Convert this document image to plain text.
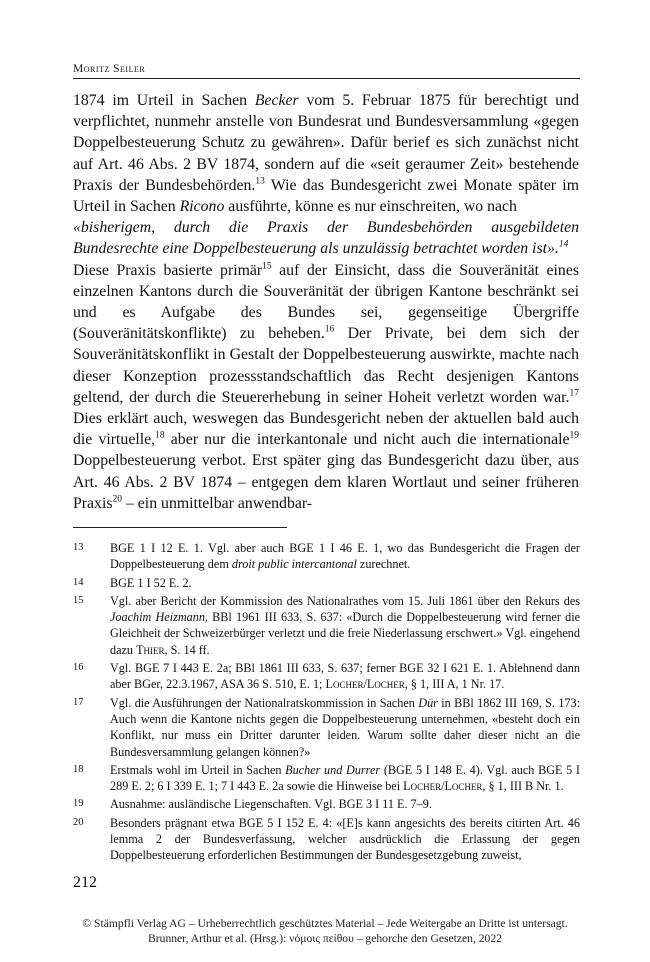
Moritz Seiler

1874 im Urteil in Sachen Becker vom 5. Februar 1875 für berechtigt und verpflichtet, nunmehr anstelle von Bundesrat und Bundesversammlung «gegen Doppelbesteuerung Schutz zu gewähren». Dafür berief es sich zunächst nicht auf Art. 46 Abs. 2 BV 1874, sondern auf die «seit geraumer Zeit» bestehende Praxis der Bundesbehörden.$^{13}$ Wie das Bundesgericht zwei Monate später im Urteil in Sachen Ricono ausführte, könne es nur einschreiten, wo nach

«bisherigem, durch die Praxis der Bundesbehörden ausgebildeten Bundesrechte eine Doppelbesteuerung als unzulässig betrachtet worden ist».$^{14}$

Diese Praxis basierte primär$^{15}$ auf der Einsicht, dass die Souveränität eines einzelnen Kantons durch die Souveränität der übrigen Kantone beschränkt sei und es Aufgabe des Bundes sei, gegenseitige Übergriffe (Souveränitätskonflikte) zu beheben.$^{16}$ Der Private, bei dem sich der Souveränitätskonflikt in Gestalt der Doppelbesteuerung auswirkte, machte nach dieser Konzeption prozessstandschaftlich das Recht desjenigen Kantons geltend, der durch die Steuererhebung in seiner Hoheit verletzt worden war.$^{17}$ Dies erklärt auch, weswegen das Bundesgericht neben der aktuellen bald auch die virtuelle,$^{18}$ aber nur die interkantonale und nicht auch die internationale$^{19}$ Doppelbesteuerung verbot. Erst später ging das Bundesgericht dazu über, aus Art. 46 Abs. 2 BV 1874 – entgegen dem klaren Wortlaut und seiner früheren Praxis$^{20}$ – ein unmittelbar anwendbar-

13	BGE 1 I 12 E. 1. Vgl. aber auch BGE 1 I 46 E. 1, wo das Bundesgericht die Fragen der Doppelbesteuerung dem droit public intercantonal zurechnet.
14	BGE 1 I 52 E. 2.
15	Vgl. aber Bericht der Kommission des Nationalrathes vom 15. Juli 1861 über den Rekurs des Joachim Heizmann, BBl 1961 III 633, S. 637: «Durch die Doppelbesteuerung wird ferner die Gleichheit der Schweizerbürger verletzt und die freie Niederlassung erschwert.» Vgl. eingehend dazu Thier, S. 14 ff.
16	Vgl. BGE 7 I 443 E. 2a; BBl 1861 III 633, S. 637; ferner BGE 32 I 621 E. 1. Ablehnend dann aber BGer, 22.3.1967, ASA 36 S. 510, E. 1; Locher/Locher, § 1, III A, 1 Nr. 17.
17	Vgl. die Ausführungen der Nationalratskommission in Sachen Dür in BBl 1862 III 169, S. 173: Auch wenn die Kantone nichts gegen die Doppelbesteuerung unternehmen, «besteht doch ein Konflikt, nur muss ein Dritter darunter leiden. Warum sollte daher dieser nicht an die Bundesversammlung gelangen können?»
18	Erstmals wohl im Urteil in Sachen Bucher und Durrer (BGE 5 I 148 E. 4). Vgl. auch BGE 5 I 289 E. 2; 6 I 339 E. 1; 7 I 443 E. 2a sowie die Hinweise bei Locher/Locher, § 1, III B Nr. 1.
19	Ausnahme: ausländische Liegenschaften. Vgl. BGE 3 I 11 E. 7–9.
20	Besonders prägnant etwa BGE 5 I 152 E. 4: «[E]s kann angesichts des bereits citirten Art. 46 lemma 2 der Bundesverfassung, welcher ausdrücklich die Erlassung der gegen Doppelbesteuerung erforderlichen Bestimmungen der Bundesgesetzgebung zuweist,
212
© Stämpfli Verlag AG – Urheberrechtlich geschütztes Material – Jede Weitergabe an Dritte ist untersagt.
Brunner, Arthur et al. (Hrsg.): νόμοις πείθου – gehorche den Gesetzen, 2022
